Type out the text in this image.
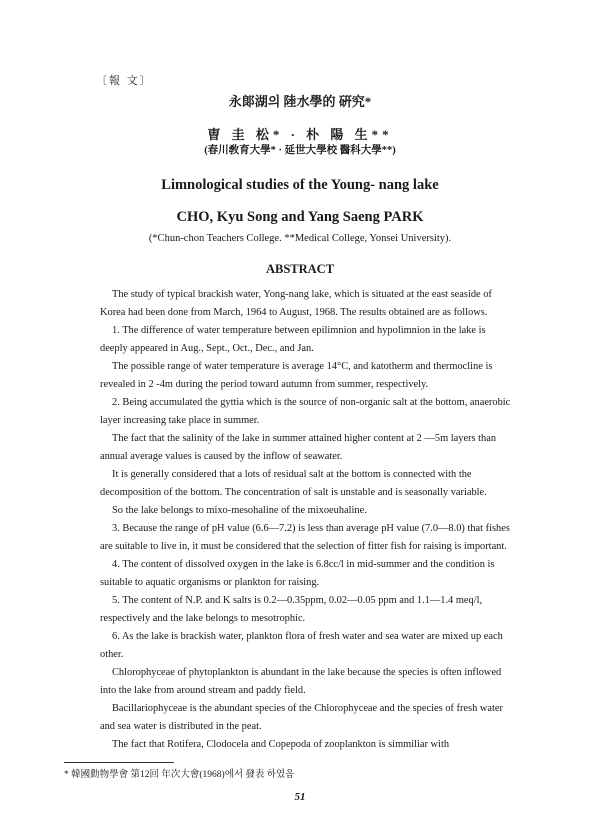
〔報 文〕
永郞湖의 陸水學的 硏究*
曺 圭 松* · 朴 陽 生**
(春川敎育大學* · 延世大學校 醫科大學**)
Limnological studies of the Young- nang lake
CHO, Kyu Song and Yang Saeng PARK
(*Chun-chon Teachers College. **Medical College, Yonsei University).
ABSTRACT

The study of typical brackish water, Yong-nang lake, which is situated at the east seaside of Korea had been done from March, 1964 to August, 1968. The results obtained are as follows.

1. The difference of water temperature between epilimnion and hypolimnion in the lake is deeply appeared in Aug., Sept., Oct., Dec., and Jan.

The possible range of water temperature is average 14°C, and katotherm and thermocline is revealed in 2 -4m during the period toward autumn from summer, respectively.

2. Being accumulated the gyttia which is the source of non-organic salt at the bottom, anaerobic layer increasing take place in summer.

The fact that the salinity of the lake in summer attained higher content at 2 —5m layers than annual average values is caused by the inflow of seawater.

It is generally considered that a lots of residual salt at the bottom is connected with the decomposition of the bottom. The concentration of salt is unstable and is seasonally variable.

So the lake belongs to mixo-mesohaline of the mixoeuhaline.

3. Because the range of pH value (6.6—7.2) is less than average pH value (7.0—8.0) that fishes are suitable to live in, it must be considered that the selection of fitter fish for raising is important.

4. The content of dissolved oxygen in the lake is 6.8cc/l in mid-summer and the condition is suitable to aquatic organisms or plankton for raising.

5. The content of N.P. and K salts is 0.2—0.35ppm, 0.02—0.05 ppm and 1.1—1.4 meq/l, respectively and the lake belongs to mesotrophic.

6. As the lake is brackish water, plankton flora of fresh water and sea water are mixed up each other.

Chlorophyceae of phytoplankton is abundant in the lake because the species is often inflowed into the lake from around stream and paddy field.

Bacillariophyceae is the abundant species of the Chlorophyceae and the species of fresh water and sea water is distributed in the peat.

The fact that Rotifera, Clodocela and Copepoda of zooplankton is simmiliar with

* 韓國動物學會 第12回 年次大會(1968)에서 發表 하였음
51
